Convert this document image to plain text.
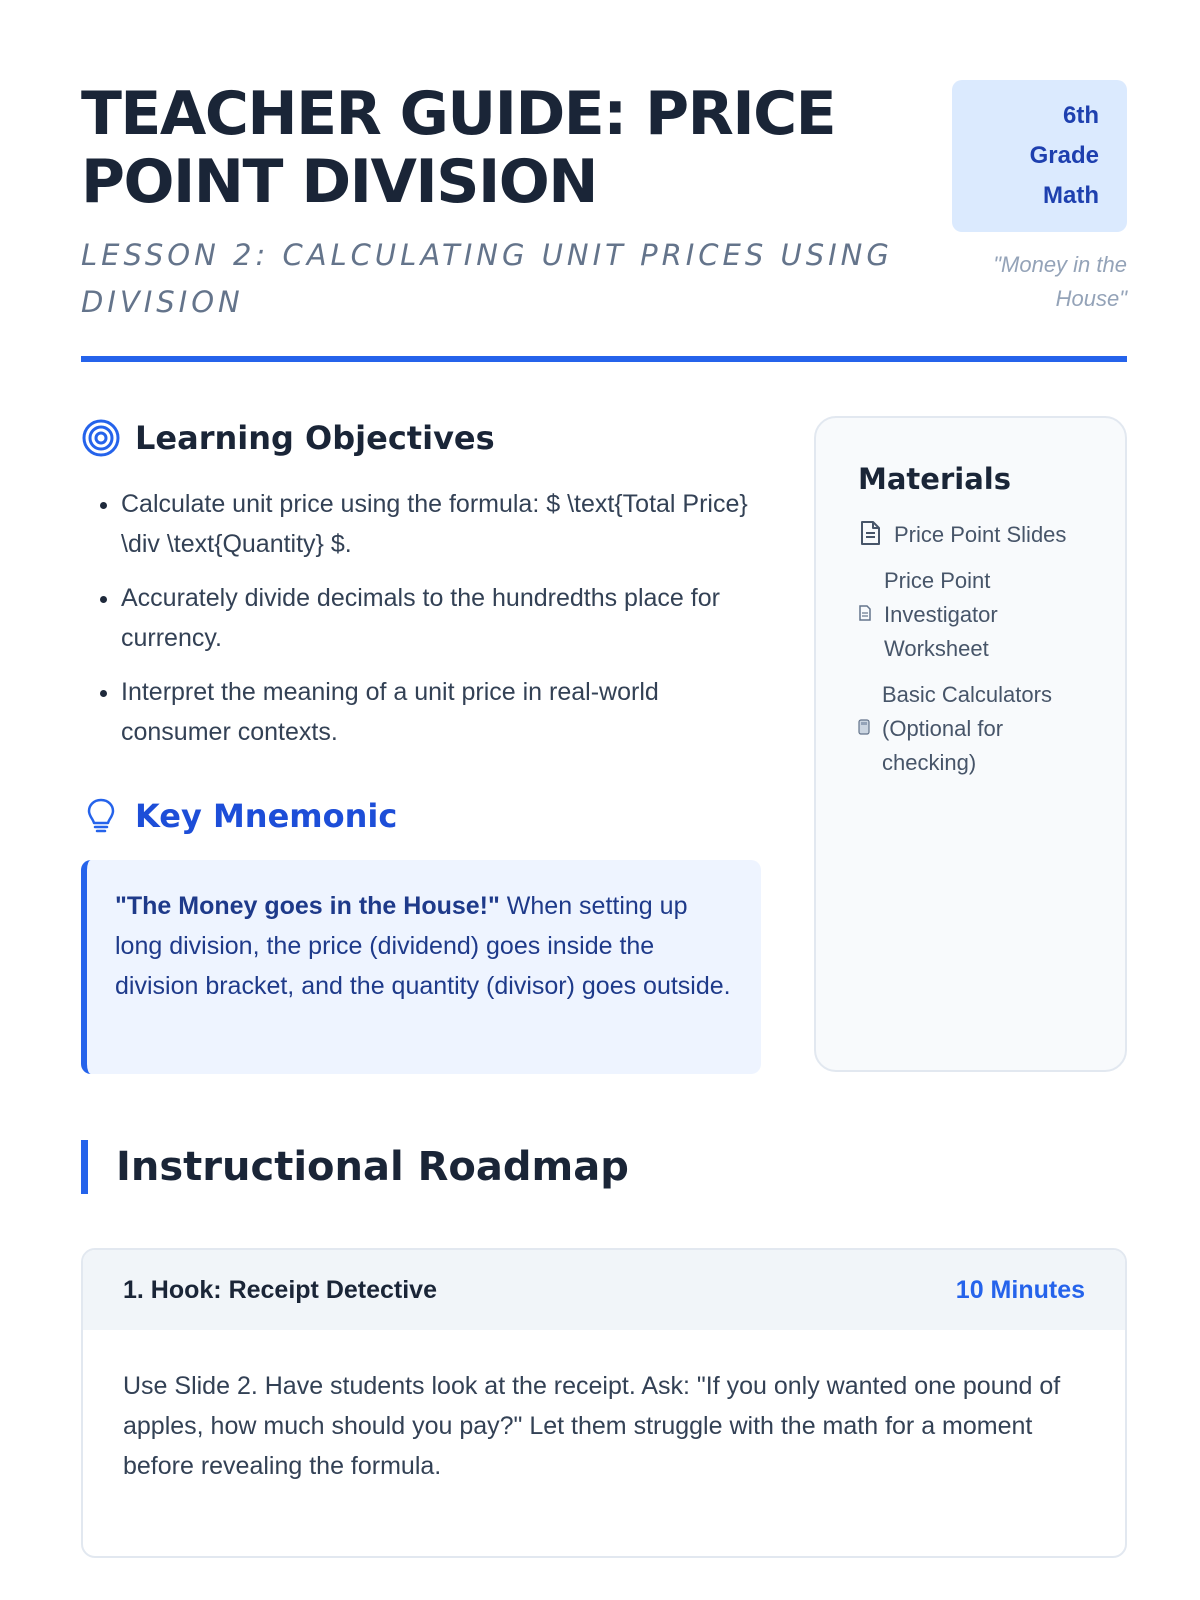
TEACHER GUIDE: PRICE POINT DIVISION

LESSON 2: CALCULATING UNIT PRICES USING DIVISION

6th
Grade
Math
"Money in the House"
Learning Objectives
• Calculate unit price using the formula: $ \text{Total Price} \div \text{Quantity} $.
• Accurately divide decimals to the hundredths place for currency.
• Interpret the meaning of a unit price in real-world consumer contexts.
Key Mnemonic
"The Money goes in the House!" When setting up long division, the price (dividend) goes inside the division bracket, and the quantity (divisor) goes outside.
Materials
Price Point Slides
Price Point Investigator Worksheet
Basic Calculators (Optional for checking)
Instructional Roadmap
1. Hook: Receipt Detective	10 Minutes
Use Slide 2. Have students look at the receipt. Ask: "If you only wanted one pound of apples, how much should you pay?" Let them struggle with the math for a moment before revealing the formula.
